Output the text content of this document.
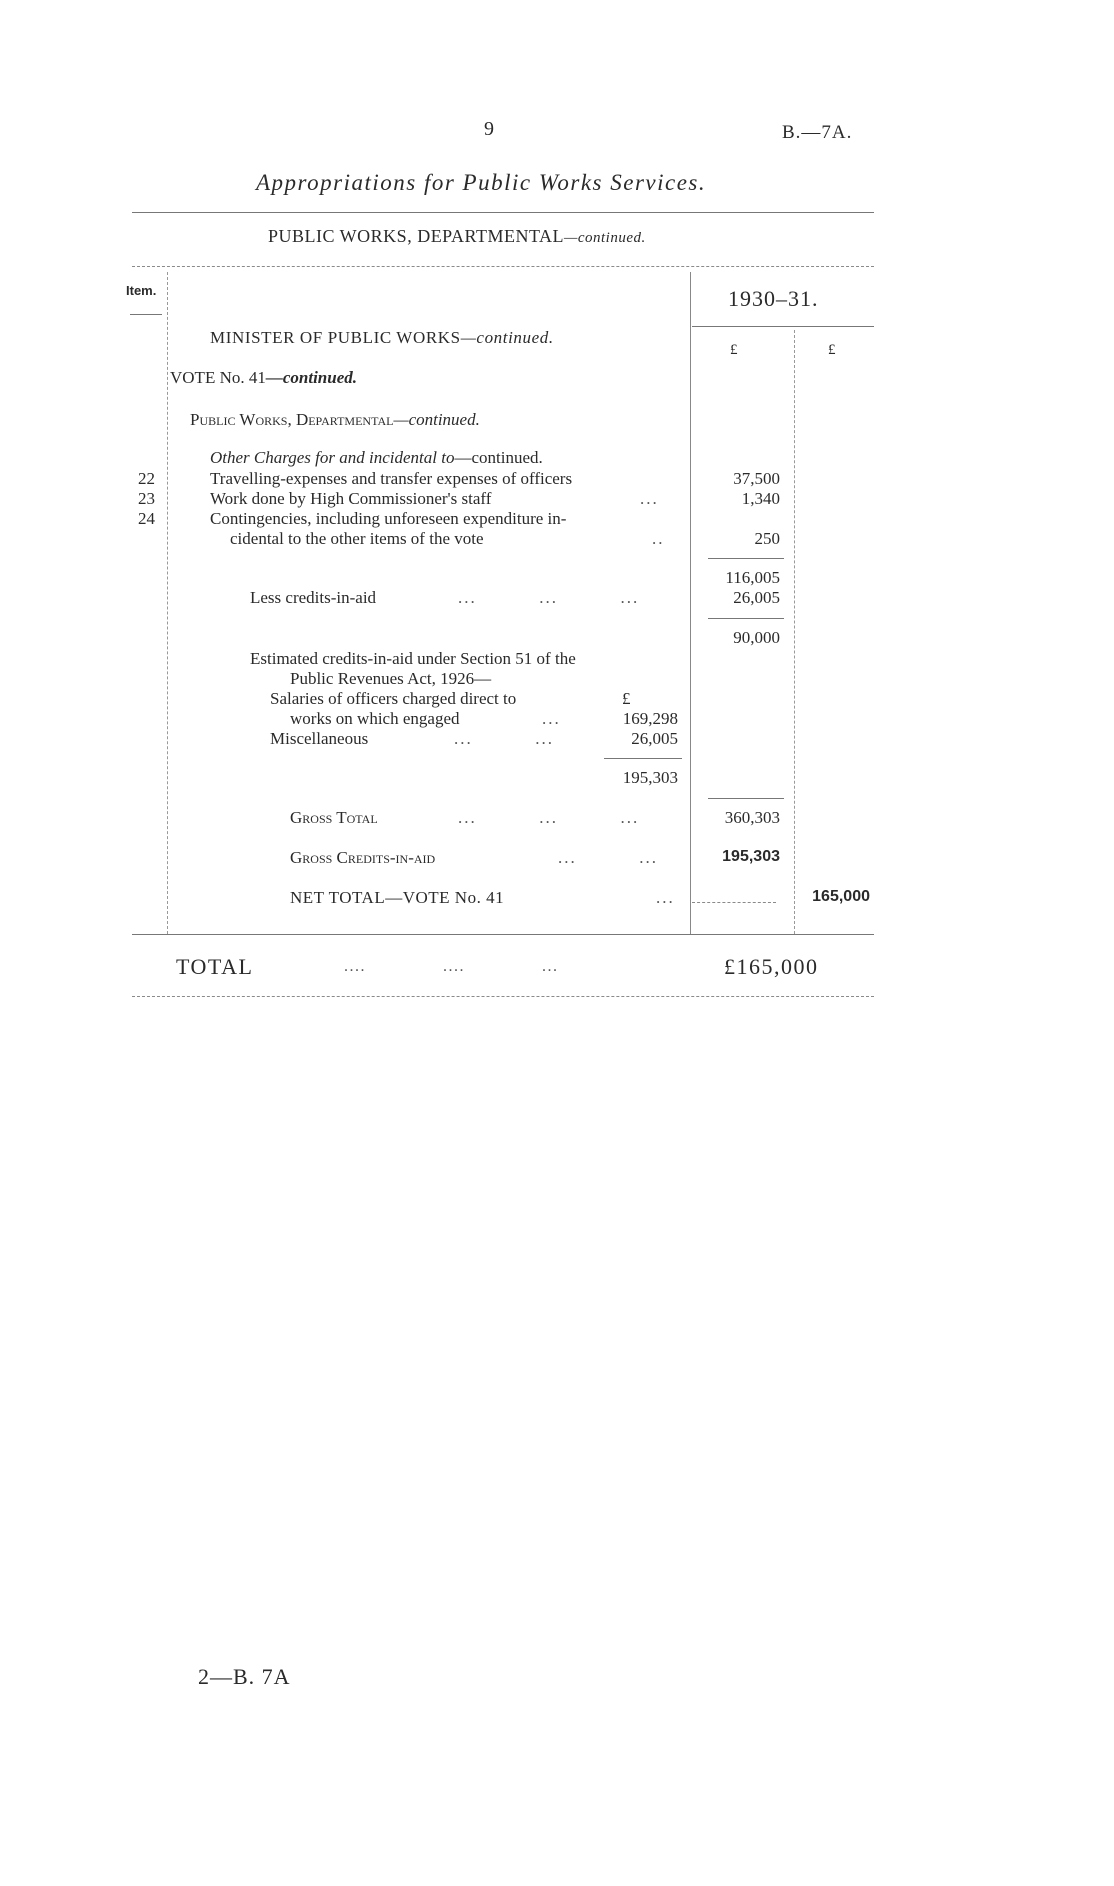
9	B.—7A.
Appropriations for Public Works Services.
PUBLIC WORKS, DEPARTMENTAL—continued.
Item.	1930–31.
£	£
MINISTER OF PUBLIC WORKS—continued.
VOTE No. 41—continued.
Public Works, Departmental—continued.
Other Charges for and incidental to—continued.
22	Travelling-expenses and transfer expenses of officers	37,500
23	Work done by High Commissioner's staff	...	1,340
24	Contingencies, including unforeseen expenditure in-
cidental to the other items of the vote	..	250
116,005
Less credits-in-aid	...          ...          ...	26,005
90,000
Estimated credits-in-aid under Section 51 of the
Public Revenues Act, 1926—
Salaries of officers charged direct to	£
works on which engaged	...	169,298
Miscellaneous	...          ...	26,005
195,303
Gross Total	...          ...          ...	360,303
Gross Credits-in-aid	...          ...	195,303
NET TOTAL—VOTE No. 41	...	165,000
TOTAL	....              ....              ...	£165,000
2—B. 7A
